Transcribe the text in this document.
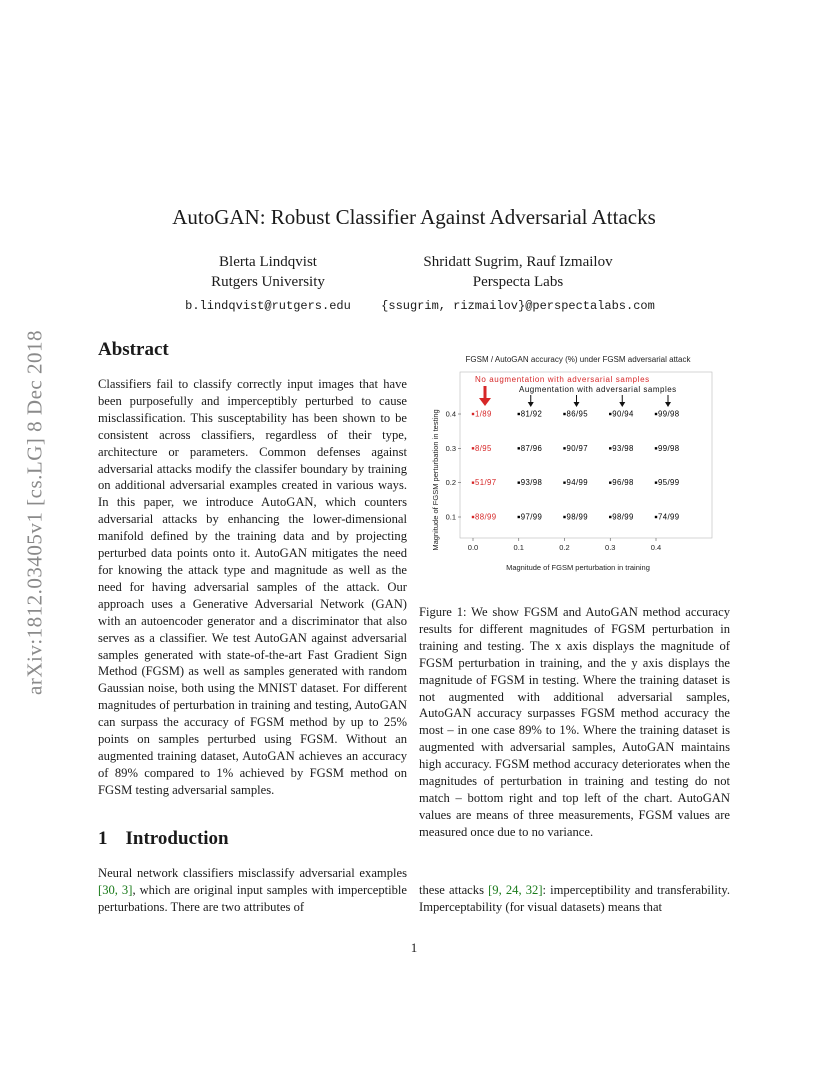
arXiv:1812.03405v1 [cs.LG] 8 Dec 2018
AutoGAN: Robust Classifier Against Adversarial Attacks
Blerta Lindqvist
Rutgers University
b.lindqvist@rutgers.edu
Shridatt Sugrim, Rauf Izmailov
Perspecta Labs
{ssugrim, rizmailov}@perspectalabs.com
Abstract
Classifiers fail to classify correctly input images that have been purposefully and imperceptibly perturbed to cause misclassification. This susceptability has been shown to be consistent across classifiers, regardless of their type, architecture or parameters. Common defenses against adversarial attacks modify the classifer boundary by training on additional adversarial examples created in various ways. In this paper, we introduce AutoGAN, which counters adversarial attacks by enhancing the lower-dimensional manifold defined by the training data and by projecting perturbed data points onto it. AutoGAN mitigates the need for knowing the attack type and magnitude as well as the need for having adversarial samples of the attack. Our approach uses a Generative Adversarial Network (GAN) with an autoencoder generator and a discriminator that also serves as a classifier. We test AutoGAN against adversarial samples generated with state-of-the-art Fast Gradient Sign Method (FGSM) as well as samples generated with random Gaussian noise, both using the MNIST dataset. For different magnitudes of perturbation in training and testing, AutoGAN can surpass the accuracy of FGSM method by up to 25% points on samples perturbed using FGSM. Without an augmented training dataset, AutoGAN achieves an accuracy of 89% compared to 1% achieved by FGSM method on FGSM testing adversarial samples.
1 Introduction
Neural network classifiers misclassify adversarial examples [30, 3], which are original input samples with imperceptible perturbations. There are two attributes of
these attacks [9, 24, 32]: imperceptibility and transferability. Imperceptability (for visual datasets) means that
Figure 1: We show FGSM and AutoGAN method accuracy results for different magnitudes of FGSM perturbation in training and testing. The x axis displays the magnitude of FGSM perturbation in training, and the y axis displays the magnitude of FGSM in testing. Where the training dataset is not augmented with additional adversarial samples, AutoGAN accuracy surpasses FGSM method accuracy the most – in one case 89% to 1%. Where the training dataset is augmented with adversarial samples, AutoGAN maintains high accuracy. FGSM method accuracy deteriorates when the magnitudes of perturbation in training and testing do not match – bottom right and top left of the chart. AutoGAN values are means of three measurements, FGSM values are measured once due to no variance.
FGSM / AutoGAN accuracy (%) under FGSM adversarial attack
0.1
0.2
0.3
0.4
0.0	0.1	0.2	0.3	0.4
Magnitude of FGSM perturbation in testing
Magnitude of FGSM perturbation in training
No augmentation with adversarial samples
Augmentation with adversarial samples
1/89	81/92	86/95	90/94	99/98
8/95	87/96	90/97	93/98	99/98
51/97	93/98	94/99	96/98	95/99
88/99	97/99	98/99	98/99	74/99
1
